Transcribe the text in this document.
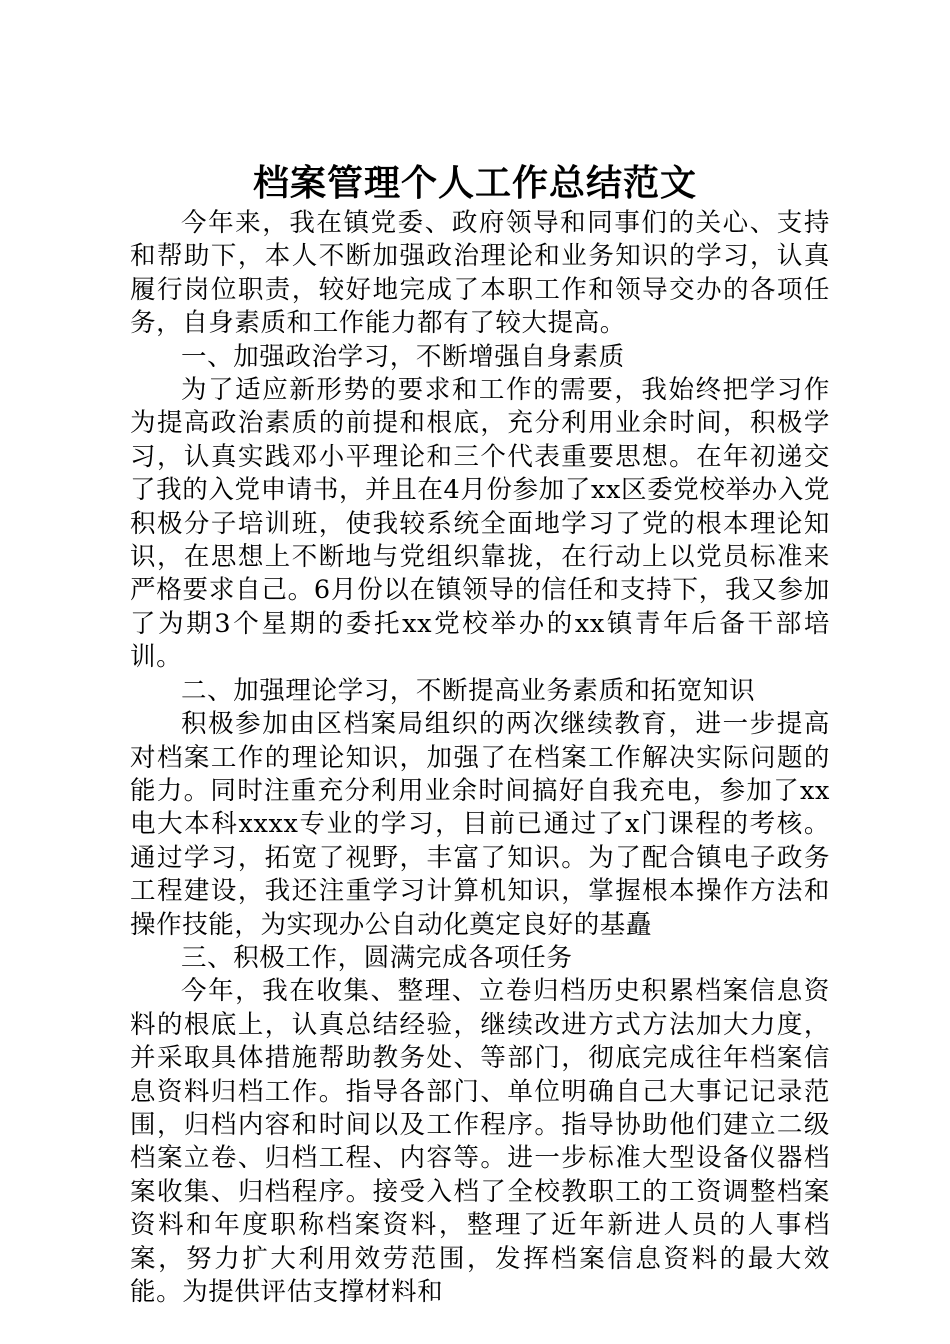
档案管理个人工作总结范文

今年来，我在镇党委、政府领导和同事们的关心、支持和帮助下，本人不断加强政治理论和业务知识的学习，认真履行岗位职责，较好地完成了本职工作和领导交办的各项任务，自身素质和工作能力都有了较大提高。

一、加强政治学习，不断增强自身素质

为了适应新形势的要求和工作的需要，我始终把学习作为提高政治素质的前提和根底，充分利用业余时间，积极学习，认真实践邓小平理论和三个代表重要思想。在年初递交了我的入党申请书，并且在4月份参加了xx区委党校举办入党积极分子培训班，使我较系统全面地学习了党的根本理论知识，在思想上不断地与党组织靠拢，在行动上以党员标准来严格要求自己。6月份以在镇领导的信任和支持下，我又参加了为期3个星期的委托xx党校举办的xx镇青年后备干部培训。

二、加强理论学习，不断提高业务素质和拓宽知识

积极参加由区档案局组织的两次继续教育，进一步提高对档案工作的理论知识，加强了在档案工作解决实际问题的能力。同时注重充分利用业余时间搞好自我充电，参加了xx电大本科xxxx专业的学习，目前已通过了x门课程的考核。通过学习，拓宽了视野，丰富了知识。为了配合镇电子政务工程建设，我还注重学习计算机知识，掌握根本操作方法和操作技能，为实现办公自动化奠定良好的基矗

三、积极工作，圆满完成各项任务

今年，我在收集、整理、立卷归档历史积累档案信息资料的根底上，认真总结经验，继续改进方式方法加大力度，并采取具体措施帮助教务处、等部门，彻底完成往年档案信息资料归档工作。指导各部门、单位明确自己大事记记录范围，归档内容和时间以及工作程序。指导协助他们建立二级档案立卷、归档工程、内容等。进一步标准大型设备仪器档案收集、归档程序。接受入档了全校教职工的工资调整档案资料和年度职称档案资料，整理了近年新进人员的人事档案，努力扩大利用效劳范围，发挥档案信息资料的最大效能。为提供评估支撑材料和
